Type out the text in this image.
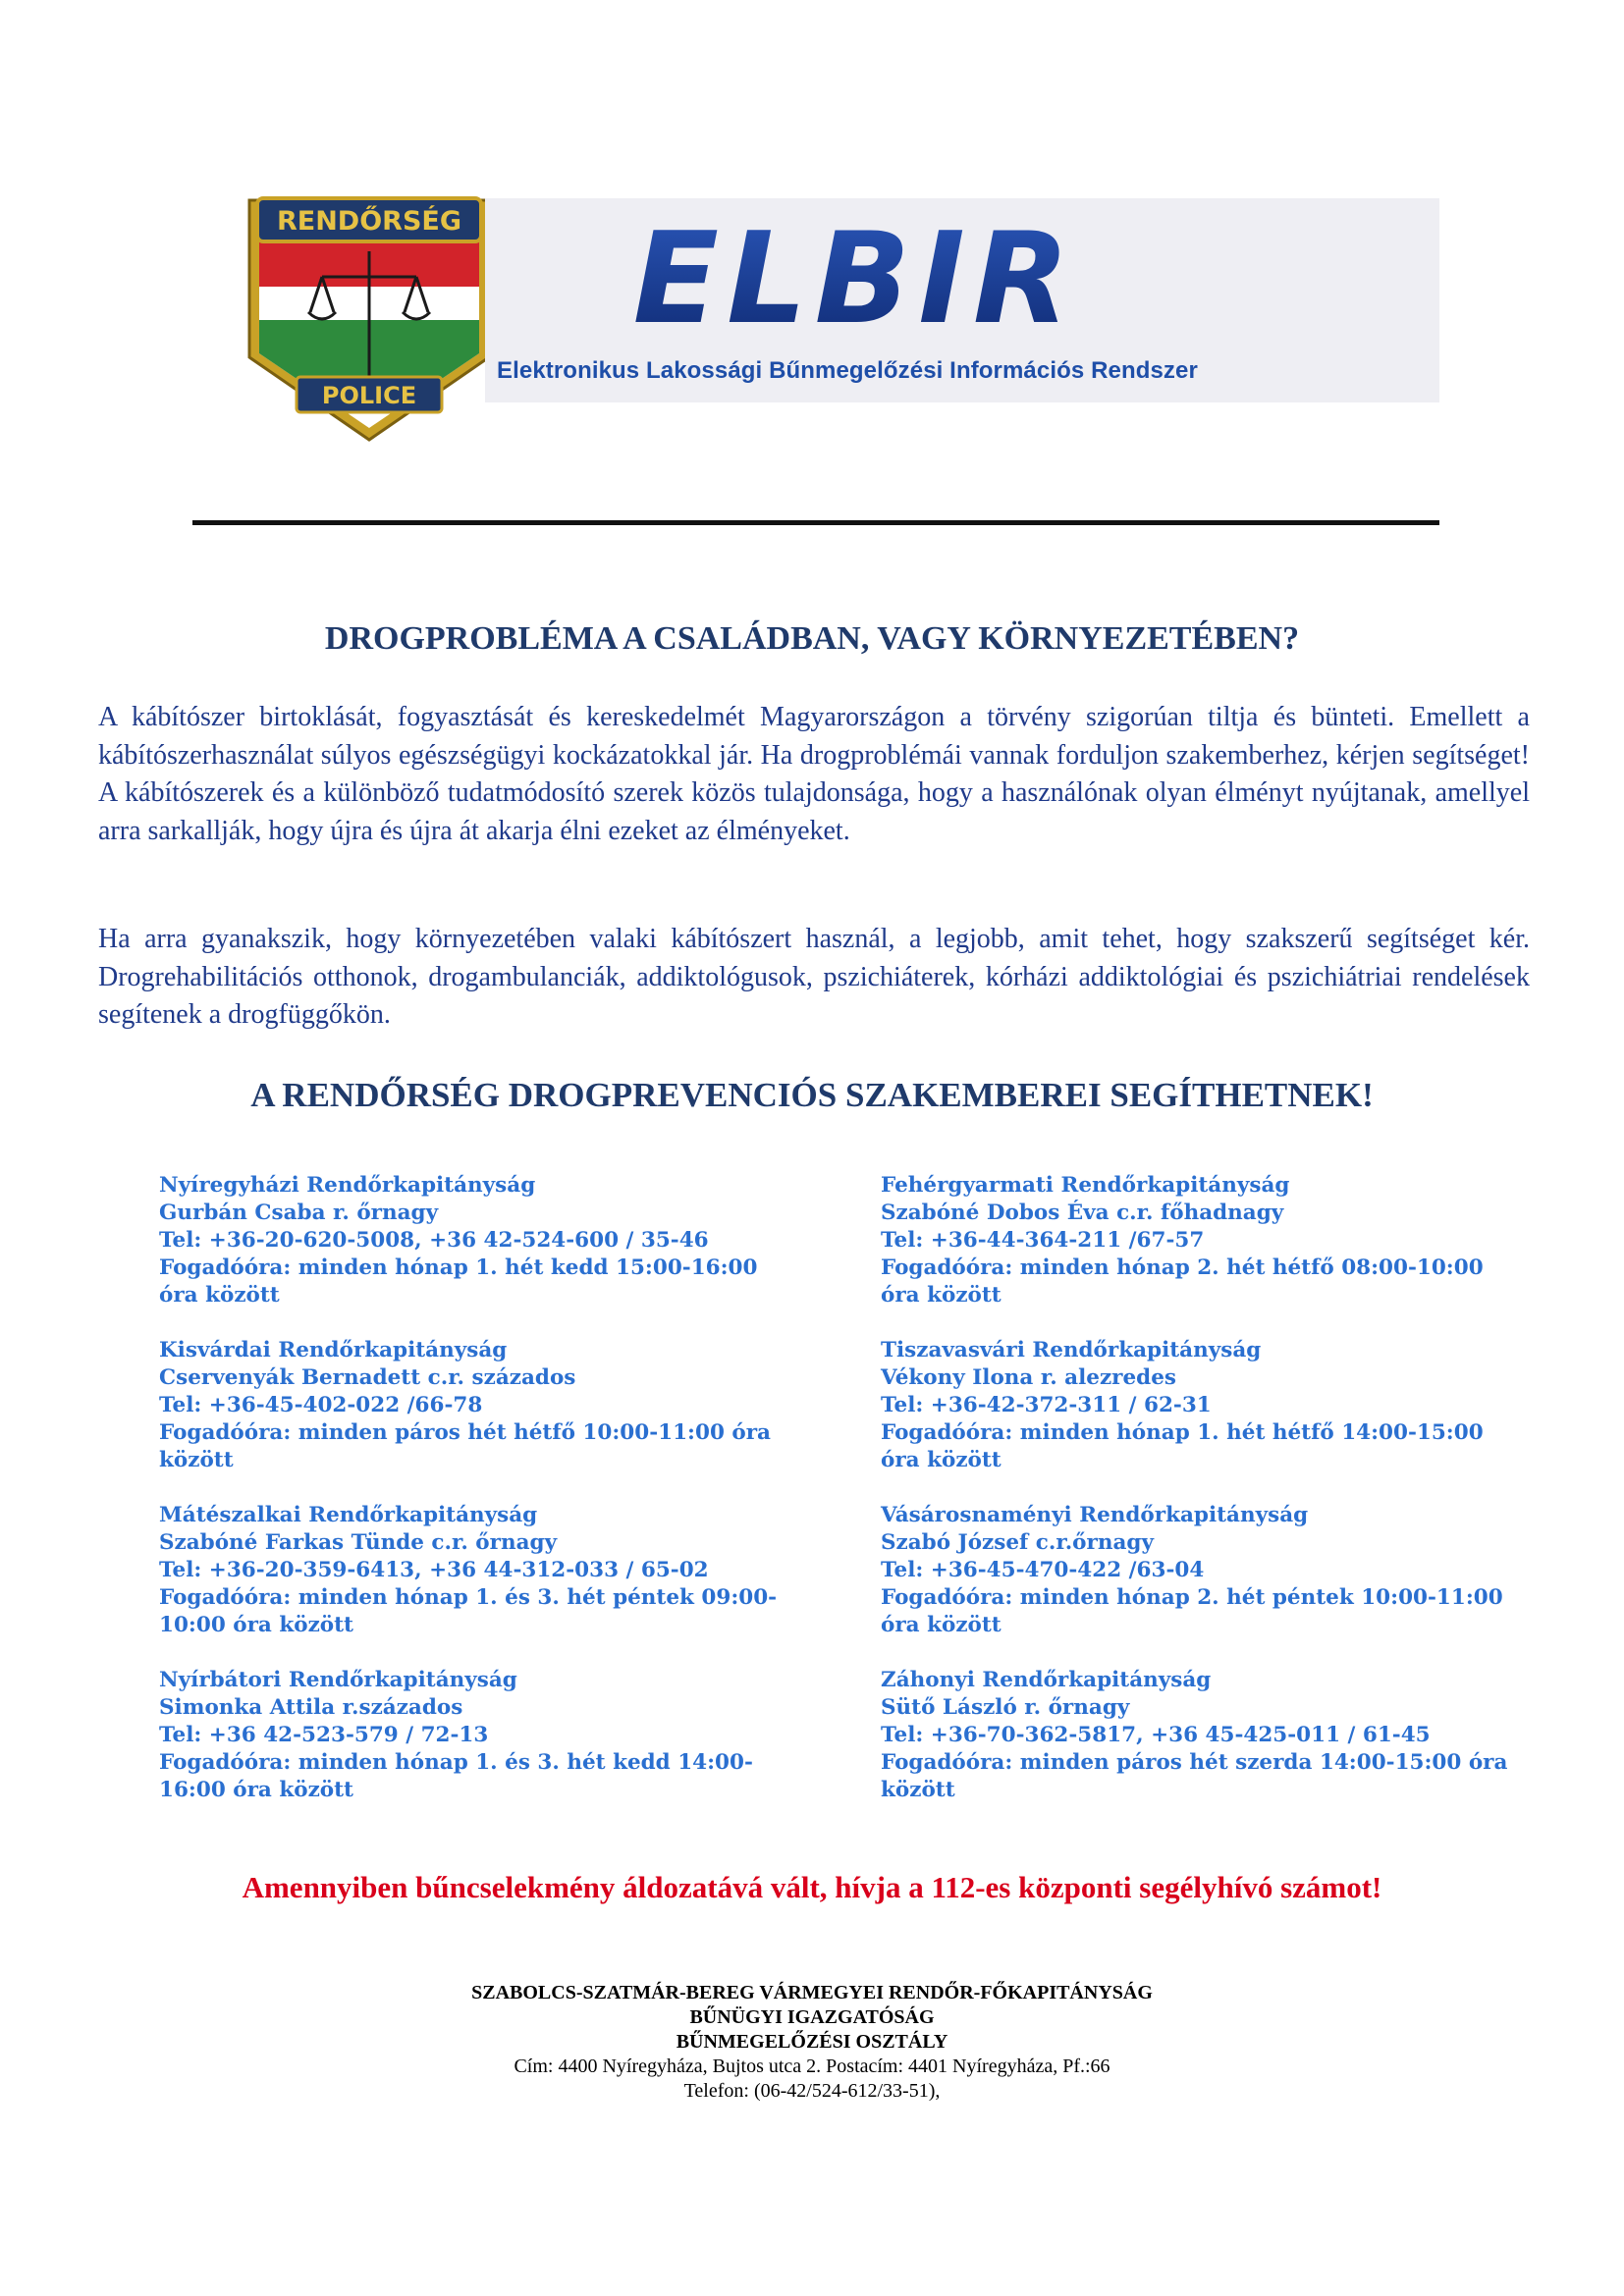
RENDŐRSÉG
POLICE
ELBIR
Elektronikus Lakossági Bűnmegelőzési Információs Rendszer
DROGPROBLÉMA A CSALÁDBAN, VAGY KÖRNYEZETÉBEN?

A kábítószer birtoklását, fogyasztását és kereskedelmét Magyarországon a törvény szigorúan tiltja és bünteti. Emellett a kábítószerhasználat súlyos egészségügyi kockázatokkal jár. Ha drogproblémái vannak forduljon szakemberhez, kérjen segítséget! A kábítószerek és a különböző tudatmódosító szerek közös tulajdonsága, hogy a használónak olyan élményt nyújtanak, amellyel arra sarkallják, hogy újra és újra át akarja élni ezeket az élményeket.

Ha arra gyanakszik, hogy környezetében valaki kábítószert használ, a legjobb, amit tehet, hogy szakszerű segítséget kér. Drogrehabilitációs otthonok, drogambulanciák, addiktológusok, pszichiáterek, kórházi addiktológiai és pszichiátriai rendelések segítenek a drogfüggőkön.

A RENDŐRSÉG DROGPREVENCIÓS SZAKEMBEREI SEGÍTHETNEK!
Nyíregyházi Rendőrkapitányság
Gurbán Csaba r. őrnagy
Tel: +36-20-620-5008, +36 42-524-600 / 35-46
Fogadóóra: minden hónap 1. hét kedd 15:00-16:00 óra között
Kisvárdai Rendőrkapitányság
Cservenyák Bernadett c.r. százados
Tel: +36-45-402-022 /66-78
Fogadóóra: minden páros hét hétfő 10:00-11:00 óra között
Mátészalkai Rendőrkapitányság
Szabóné Farkas Tünde c.r. őrnagy
Tel: +36-20-359-6413, +36 44-312-033 / 65-02
Fogadóóra: minden hónap 1. és 3. hét péntek 09:00-10:00 óra között
Nyírbátori Rendőrkapitányság
Simonka Attila r.százados
Tel: +36 42-523-579 / 72-13
Fogadóóra: minden hónap 1. és 3. hét kedd 14:00-16:00 óra között
Fehérgyarmati Rendőrkapitányság
Szabóné Dobos Éva c.r. főhadnagy
Tel: +36-44-364-211 /67-57
Fogadóóra: minden hónap 2. hét hétfő 08:00-10:00 óra között
Tiszavasvári Rendőrkapitányság
Vékony Ilona r. alezredes
Tel: +36-42-372-311 / 62-31
Fogadóóra: minden hónap 1. hét hétfő 14:00-15:00 óra között
Vásárosnaményi Rendőrkapitányság
Szabó József c.r.őrnagy
Tel: +36-45-470-422 /63-04
Fogadóóra: minden hónap 2. hét péntek 10:00-11:00 óra között
Záhonyi Rendőrkapitányság
Sütő László r. őrnagy
Tel: +36-70-362-5817, +36 45-425-011 / 61-45
Fogadóóra: minden páros hét szerda 14:00-15:00 óra között
Amennyiben bűncselekmény áldozatává vált, hívja a 112-es központi segélyhívó számot!
SZABOLCS-SZATMÁR-BEREG VÁRMEGYEI RENDŐR-FŐKAPITÁNYSÁG
BŰNÜGYI IGAZGATÓSÁG
BŰNMEGELŐZÉSI OSZTÁLY
Cím: 4400 Nyíregyháza, Bujtos utca 2. Postacím: 4401 Nyíregyháza, Pf.:66
Telefon: (06-42/524-612/33-51),
